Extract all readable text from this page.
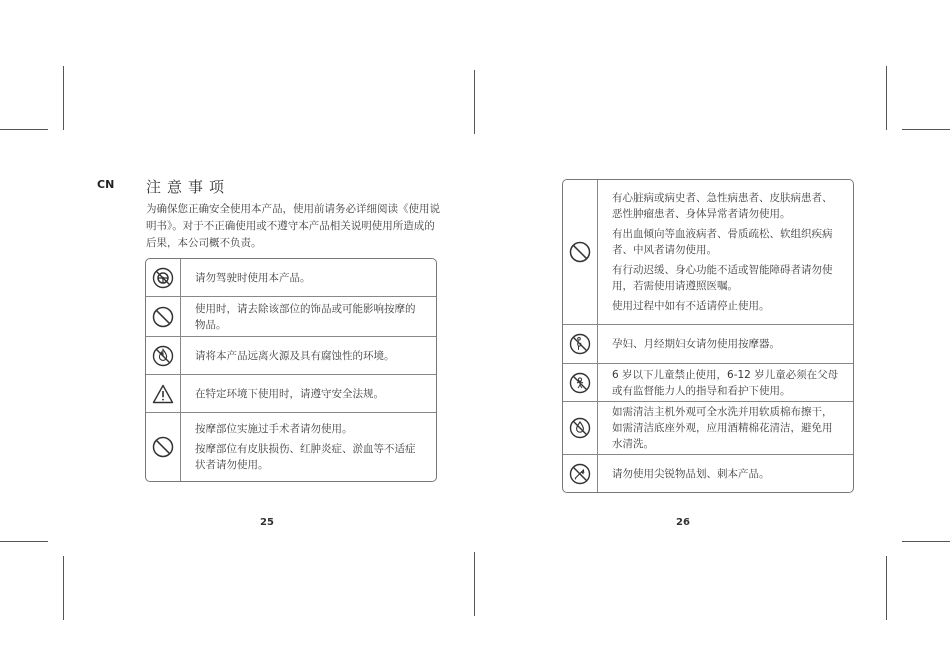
CN 注意事项
为确保您正确安全使用本产品，使用前请务必详细阅读《使用说明书》。对于不正确使用或不遵守本产品相关说明使用所造成的后果，本公司概不负责。

请勿驾驶时使用本产品。

使用时，请去除该部位的饰品或可能影响按摩的物品。

请将本产品远离火源及具有腐蚀性的环境。

在特定环境下使用时，请遵守安全法规。

按摩部位实施过手术者请勿使用。

按摩部位有皮肤损伤、红肿炎症、淤血等不适症状者请勿使用。

25

有心脏病或病史者、急性病患者、皮肤病患者、恶性肿瘤患者、身体异常者请勿使用。

有出血倾向等血液病者、骨质疏松、软组织疾病者、中风者请勿使用。

有行动迟缓、身心功能不适或智能障碍者请勿使用，若需使用请遵照医嘱。

使用过程中如有不适请停止使用。

孕妇、月经期妇女请勿使用按摩器。

6 岁以下儿童禁止使用，6-12 岁儿童必须在父母或有监督能力人的指导和看护下使用。

如需清洁主机外观可全水洗并用软质棉布擦干，如需清洁底座外观，应用酒精棉花清洁，避免用水清洗。

请勿使用尖锐物品划、刺本产品。

26
